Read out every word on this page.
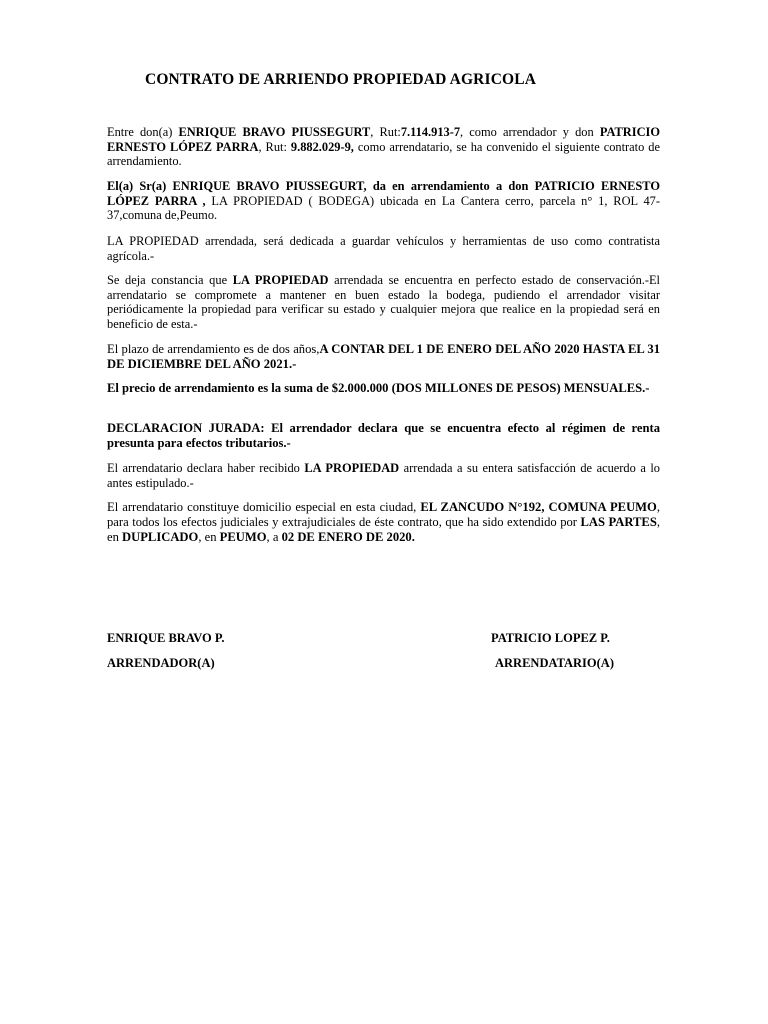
CONTRATO DE ARRIENDO PROPIEDAD AGRICOLA

Entre don(a) ENRIQUE BRAVO PIUSSEGURT, Rut:7.114.913-7, como arrendador y don PATRICIO ERNESTO LÓPEZ PARRA, Rut: 9.882.029-9, como arrendatario, se ha convenido el siguiente contrato de arrendamiento.

El(a) Sr(a) ENRIQUE BRAVO PIUSSEGURT, da en arrendamiento a don PATRICIO ERNESTO LÓPEZ PARRA , LA PROPIEDAD ( BODEGA) ubicada en La Cantera cerro, parcela n° 1, ROL 47-37,comuna de,Peumo.

LA PROPIEDAD arrendada, será dedicada a guardar vehículos y herramientas de uso como contratista agrícola.-

Se deja constancia que LA PROPIEDAD arrendada se encuentra en perfecto estado de conservación.-El arrendatario se compromete a mantener en buen estado la bodega, pudiendo el arrendador visitar periódicamente la propiedad para verificar su estado y cualquier mejora que realice en la propiedad será en beneficio de esta.-

El plazo de arrendamiento es de dos años,A CONTAR DEL 1 DE ENERO DEL AÑO 2020 HASTA EL 31 DE DICIEMBRE DEL AÑO 2021.-

El precio de arrendamiento es la suma de $2.000.000 (DOS MILLONES DE PESOS) MENSUALES.-

DECLARACION JURADA: El arrendador declara que se encuentra efecto al régimen de renta presunta para efectos tributarios.-

El arrendatario declara haber recibido LA PROPIEDAD arrendada a su entera satisfacción de acuerdo a lo antes estipulado.-

El arrendatario constituye domicilio especial en esta ciudad, EL ZANCUDO N°192, COMUNA PEUMO, para todos los efectos judiciales y extrajudiciales de éste contrato, que ha sido extendido por LAS PARTES, en DUPLICADO, en PEUMO, a 02 DE ENERO DE 2020.

ENRIQUE BRAVO P.
ARRENDADOR(A)
PATRICIO LOPEZ P.
ARRENDATARIO(A)
